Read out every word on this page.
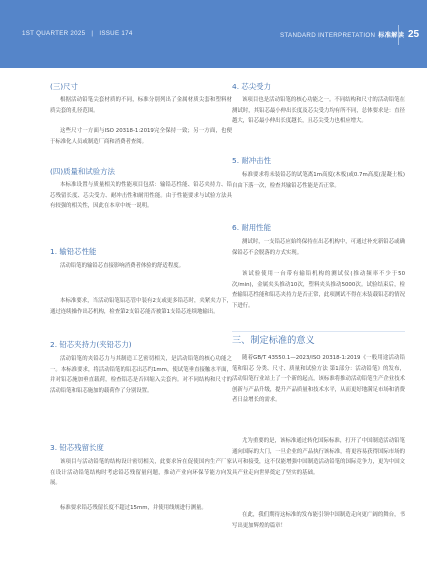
1ST QUARTER 2025 | ISSUE 174	STANDARD INTERPRETATION 标准解读 25
(三)尺寸

根据活动铅笔尖套材质的不同，标准分别列出了金属材质尖套和塑料材质尖套的孔径范围。

这些尺寸一方面与ISO 20318-1:2019完全保持一致；另一方面，也便于标准化人员或制造厂商和消费者查阅。

(四)质量和试验方法

本标准设置与质量相关的性能项目包括：输铅芯性能、铅芯夹持力、铅芯残留长度、芯尖受力、耐冲击性和耐用性能。由于性能要求与试验方法具有较强的相关性，因此在本章中统一说明。

1. 输铅芯性能

活动铅笔的输铅芯直接影响消费者体验的舒适程度。

本标准要求，当活动铅笔铅芯管中装有2支或更多铅芯时，夹紧夹力下，通过连续操作出芯机构，检查第2支铅芯能否被第1支铅芯连续地输出。

2. 铅芯夹持力(夹铅芯力)

活动铅笔的夹铅芯力与其制造工艺密切相关，是活动铅笔的核心功能之一。本标准要求，将活动铅笔的铅芯出芯约1mm，使试笔垂直接触水平面，并对铅芯施加垂直载荷，检查铅芯是否回缩入尖套内。对不同结构和尺寸的活动铅笔和铅芯施加的载荷作了分别设置。

3. 铅芯残留长度

该项目与活动铅笔的结构设计密切相关，此要求旨在促使国内生产厂家在设计活动铅笔结构时考虑铅芯残留量问题，推动产业向环保节能方向发展。

标准要求铅芯残留长度不超过15mm，并使用线规进行测量。

4. 芯尖受力

该项目也是活动铅笔的核心功能之一。不同结构和尺寸的活动铅笔在测试时，其铅芯最小伸出长度及芯尖受力均有所不同，总体要求是：直径越大，铅芯最小伸出长度越长，且芯尖受力也相应增大。

5. 耐冲击性

标准要求将未装铅芯的试笔离1m高度(木板)或0.7m高度(混凝土板)自由下落一次，检查其输铅芯性能是否正常。

6. 耐用性能

测试时，一支铅芯应始终保持在出芯机构中，可通过补充新铅芯或确保铅芯不会脱落的方式实现。

该试验使用一台带有输铅机构的测试仪(推动频率不少于50次/min)，金属夹头推动10次，塑料夹头推动5000次。试验结束后，检查输铅芯性能和铅芯夹持力是否正常，此项测试不得在未装载铅芯的情况下进行。

三、制定标准的意义

随着GB/T 43550.1—2023/ISO 20318-1:2019《一般用途活动铅笔和铅芯 分类、尺寸、质量和试验方法 第1部分：活动铅笔》的发布，活动铅笔行业站上了一个新的起点，该标准将推动活动铅笔生产企业技术创新与产品升级，提升产品质量和技术水平，从而更好地满足市场和消费者日益增长的需求。

尤为重要的是，该标准通过转化国际标准，打开了中国制造活动铅笔通向国际的大门，一旦企业的产品执行该标准，将更容易获得国际市场的认可和接受，这不仅能增强中国制造活动铅笔的国际竞争力，更为中国文具产业走向世界奠定了坚实的基础。

在此，我们期待这标准的发布能引领中国制造走向更广阔的舞台，书写出更加辉煌的篇章！
